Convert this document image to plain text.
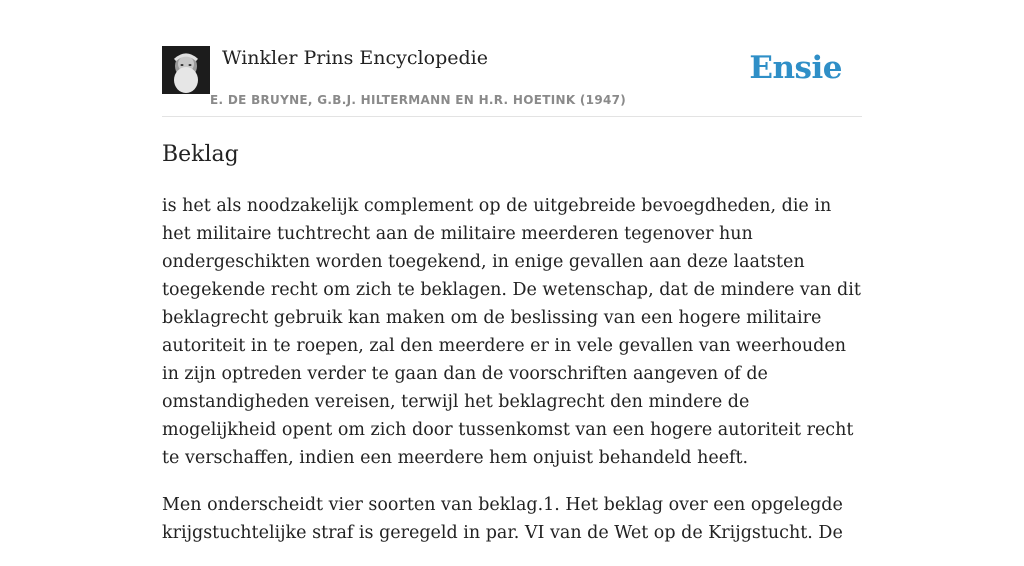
Winkler Prins Encyclopedie
E. DE BRUYNE, G.B.J. HILTERMANN EN H.R. HOETINK (1947)
Ensie
Beklag

is het als noodzakelijk complement op de uitgebreide bevoegdheden, die in het militaire tuchtrecht aan de militaire meerderen tegenover hun ondergeschikten worden toegekend, in enige gevallen aan deze laatsten toegekende recht om zich te beklagen. De wetenschap, dat de mindere van dit beklagrecht gebruik kan maken om de beslissing van een hogere militaire autoriteit in te roepen, zal den meerdere er in vele gevallen van weerhouden in zijn optreden verder te gaan dan de voorschriften aangeven of de omstandigheden vereisen, terwijl het beklagrecht den mindere de mogelijkheid opent om zich door tussenkomst van een hogere autoriteit recht te verschaffen, indien een meerdere hem onjuist behandeld heeft.

Men onderscheidt vier soorten van beklag.1. Het beklag over een opgelegde krijgstuchtelijke straf is geregeld in par. VI van de Wet op de Krijgstucht. De
